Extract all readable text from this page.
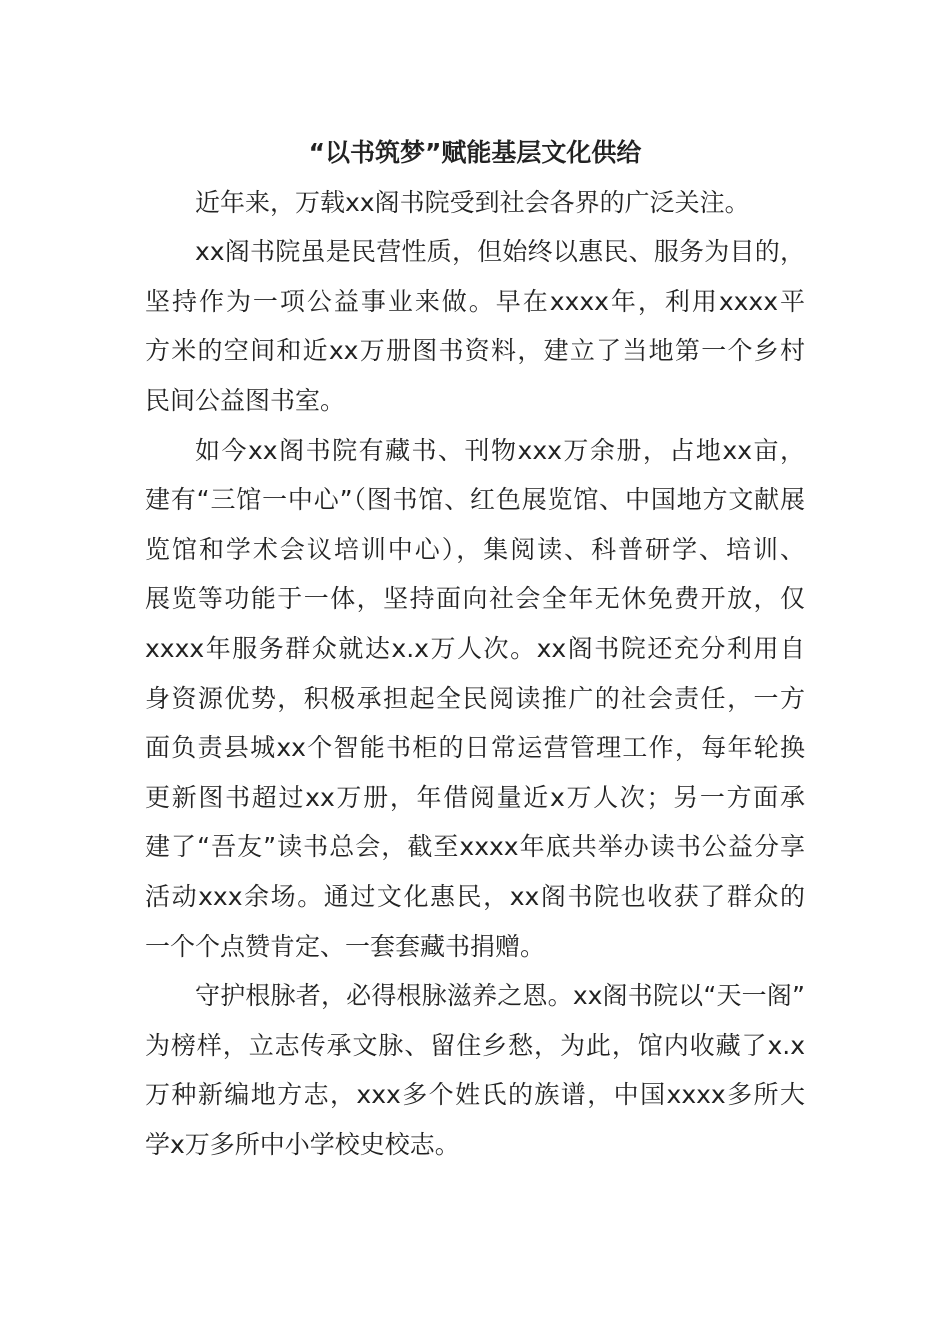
“以书筑梦”赋能基层文化供给

近年来，万载xx阁书院受到社会各界的广泛关注。

xx阁书院虽是民营性质，但始终以惠民、服务为目的，
坚持作为一项公益事业来做。早在xxxx年，利用xxxx平
方米的空间和近xx万册图书资料，建立了当地第一个乡村
民间公益图书室。

如今xx阁书院有藏书、刊物xxx万余册，占地xx亩，
建有“三馆一中心”（图书馆、红色展览馆、中国地方文献展
览馆和学术会议培训中心），集阅读、科普研学、培训、
展览等功能于一体，坚持面向社会全年无休免费开放，仅
xxxx年服务群众就达x.x万人次。xx阁书院还充分利用自
身资源优势，积极承担起全民阅读推广的社会责任，一方
面负责县城xx个智能书柜的日常运营管理工作，每年轮换
更新图书超过xx万册，年借阅量近x万人次；另一方面承
建了“吾友”读书总会，截至xxxx年底共举办读书公益分享
活动xxx余场。通过文化惠民，xx阁书院也收获了群众的
一个个点赞肯定、一套套藏书捐赠。

守护根脉者，必得根脉滋养之恩。xx阁书院以“天一阁”
为榜样，立志传承文脉、留住乡愁，为此，馆内收藏了x.x
万种新编地方志，xxx多个姓氏的族谱，中国xxxx多所大
学x万多所中小学校史校志。
